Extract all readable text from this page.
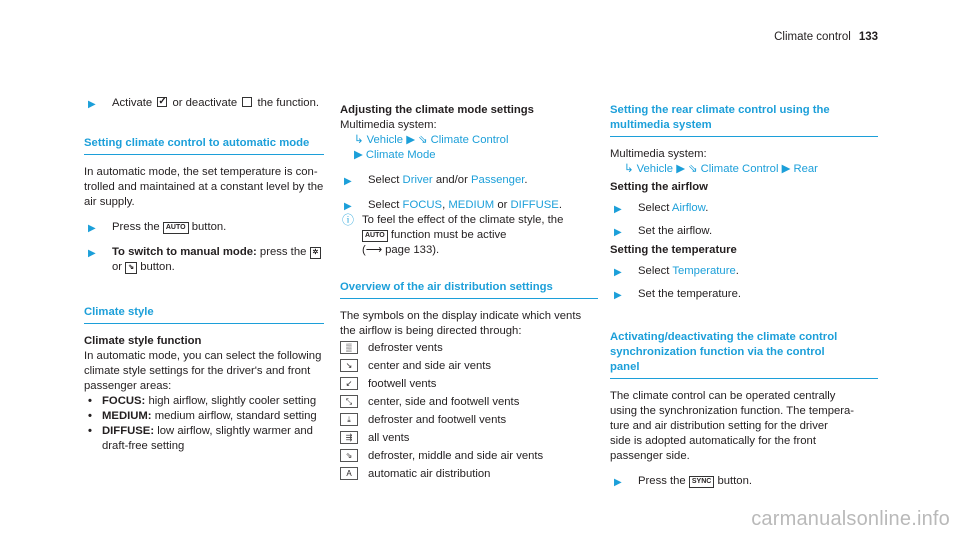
Climate control 133
▶ Activate ✓ or deactivate the function.
Setting climate control to automatic mode
In automatic mode, the set temperature is con-
trolled and maintained at a constant level by the
air supply.
▶ Press the AUTO button.
▶ To switch to manual mode: press the ✲
or ⇘ button.
Climate style
Climate style function
In automatic mode, you can select the following
climate style settings for the driver's and front
passenger areas:
• FOCUS: high airflow, slightly cooler setting
• MEDIUM: medium airflow, standard setting
• DIFFUSE: low airflow, slightly warmer and
draft-free setting
Adjusting the climate mode settings
Multimedia system:
↳ Vehicle ▶ ⇘ Climate Control
▶ Climate Mode
▶ Select Driver and/or Passenger.
▶ Select FOCUS, MEDIUM or DIFFUSE.
ⓘ To feel the effect of the climate style, the
AUTO function must be active
(⟶ page 133).
Overview of the air distribution settings
The symbols on the display indicate which vents
the airflow is being directed through:
▒	defroster vents
↘	center and side air vents
↙	footwell vents
⤡	center, side and footwell vents
⤓	defroster and footwell vents
⇶	all vents
⇘	defroster, middle and side air vents
A	automatic air distribution
Setting the rear climate control using the
multimedia system
Multimedia system:
↳ Vehicle ▶ ⇘ Climate Control ▶ Rear
Setting the airflow
▶ Select Airflow.
▶ Set the airflow.
Setting the temperature
▶ Select Temperature.
▶ Set the temperature.
Activating/deactivating the climate control
synchronization function via the control
panel
The climate control can be operated centrally
using the synchronization function. The tempera-
ture and air distribution setting for the driver
side is adopted automatically for the front
passenger side.
▶ Press the SYNC button.
carmanualsonline.info
